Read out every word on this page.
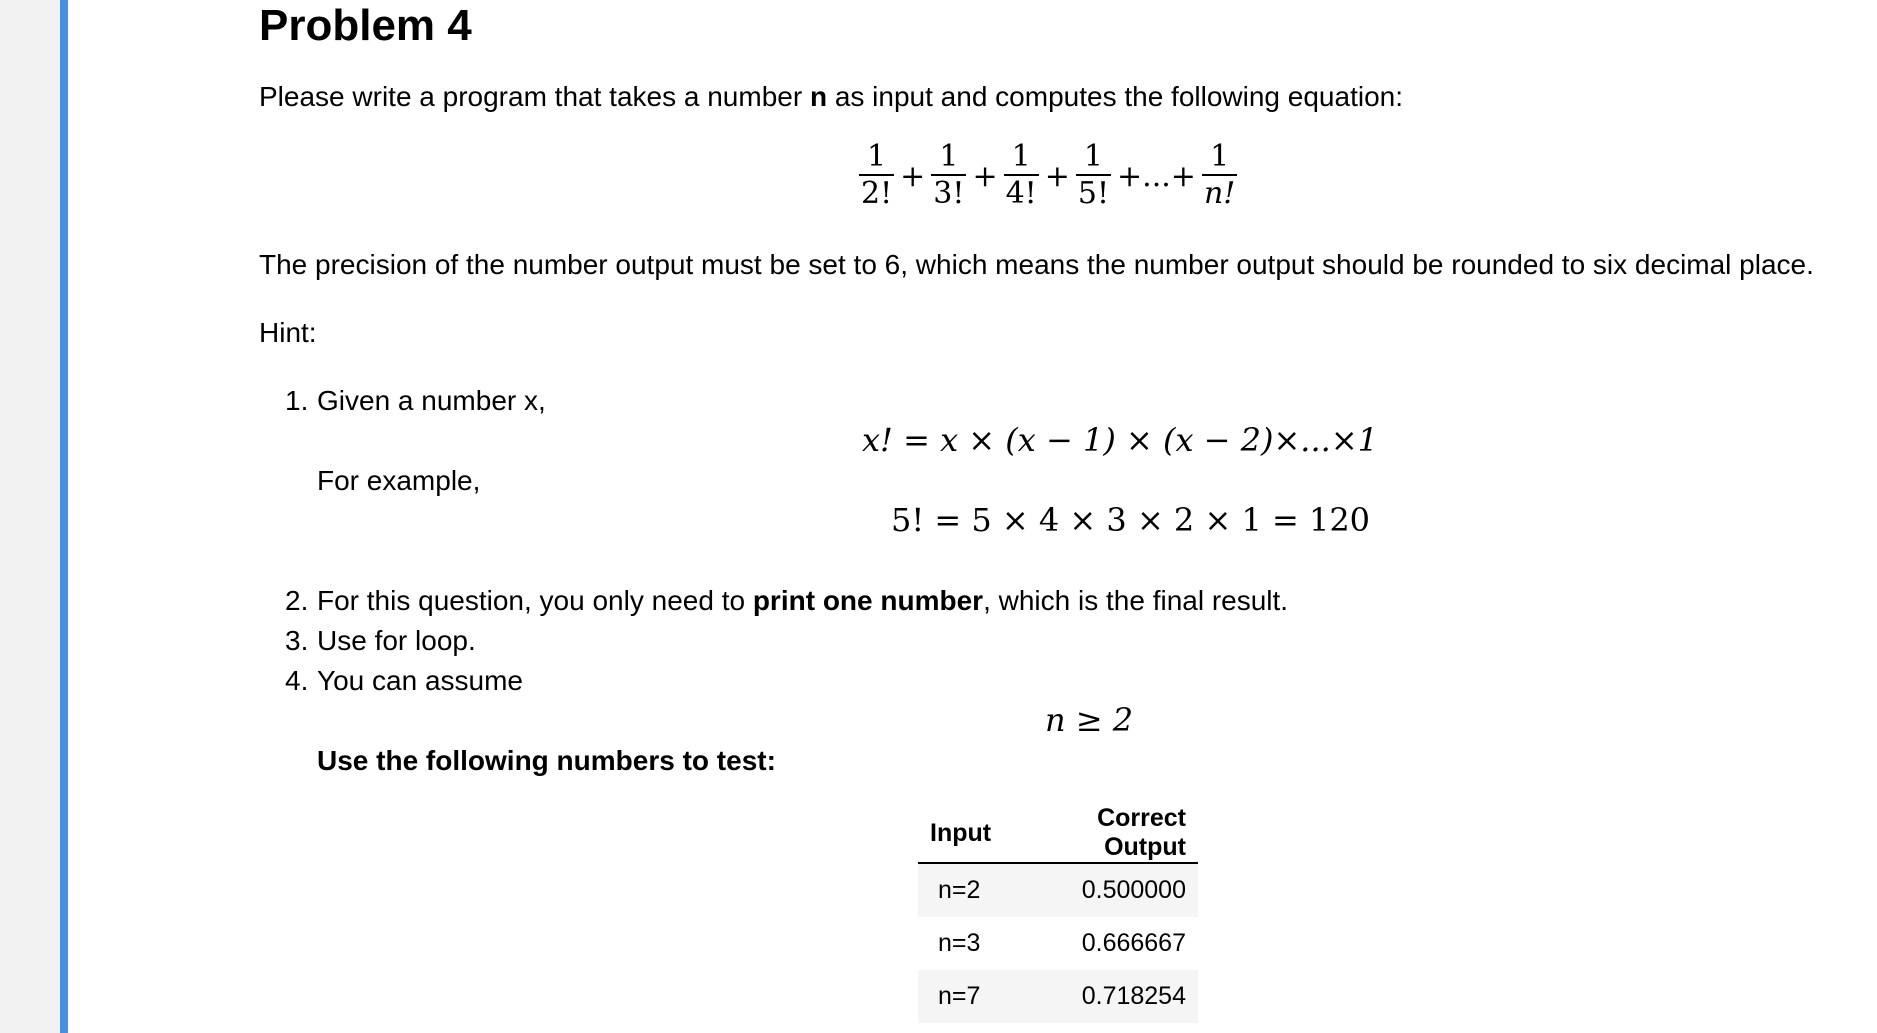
Problem 4
Please write a program that takes a number n as input and computes the following equation:
$\frac{1}{2!} + \frac{1}{3!} + \frac{1}{4!} + \frac{1}{5!}$ +...+ $\frac{1}{n!}$
The precision of the number output must be set to 6, which means the number output should be rounded to six decimal place.
Hint:
1. Given a number x,
x! = x × (x − 1) × (x − 2)×...×1
For example,
5! = 5 × 4 × 3 × 2 × 1 = 120
2. For this question, you only need to print one number, which is the final result.
3. Use for loop.
4. You can assume
n ≥ 2
Use the following numbers to test:
Input	Correct Output
n=2	0.500000
n=3	0.666667
n=7	0.718254
